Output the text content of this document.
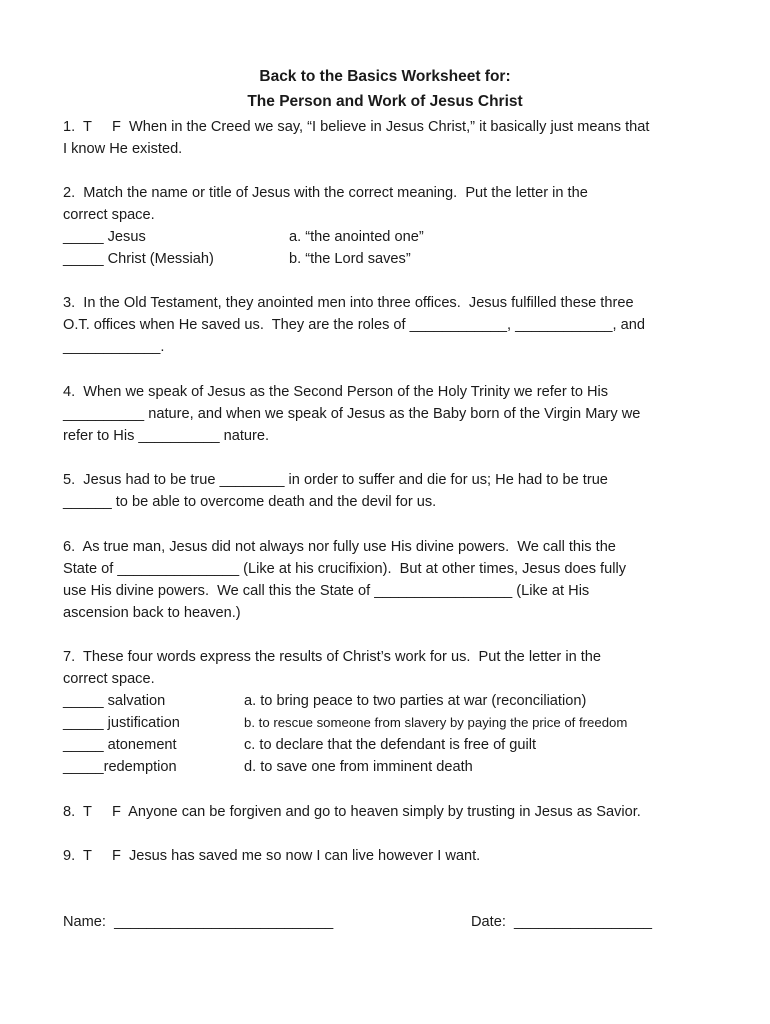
Back to the Basics Worksheet for:
The Person and Work of Jesus Christ
1.  T     F  When in the Creed we say, “I believe in Jesus Christ,” it basically just means that
I know He existed.
2.  Match the name or title of Jesus with the correct meaning.  Put the letter in the
correct space.
_____ Jesus	a. “the anointed one”
_____ Christ (Messiah)	b. “the Lord saves”
3.  In the Old Testament, they anointed men into three offices.  Jesus fulfilled these three
O.T. offices when He saved us.  They are the roles of ____________, ____________, and
____________.
4.  When we speak of Jesus as the Second Person of the Holy Trinity we refer to His
__________ nature, and when we speak of Jesus as the Baby born of the Virgin Mary we
refer to His __________ nature.
5.  Jesus had to be true ________ in order to suffer and die for us; He had to be true
______ to be able to overcome death and the devil for us.
6.  As true man, Jesus did not always nor fully use His divine powers.  We call this the
State of _______________ (Like at his crucifixion).  But at other times, Jesus does fully
use His divine powers.  We call this the State of _________________ (Like at His
ascension back to heaven.)
7.  These four words express the results of Christ’s work for us.  Put the letter in the
correct space.
_____ salvation	a. to bring peace to two parties at war (reconciliation)
_____ justification	b. to rescue someone from slavery by paying the price of freedom
_____ atonement	c. to declare that the defendant is free of guilt
_____redemption	d. to save one from imminent death
8.  T     F  Anyone can be forgiven and go to heaven simply by trusting in Jesus as Savior.
9.  T     F  Jesus has saved me so now I can live however I want.
Name:  ___________________________	Date:  _________________
